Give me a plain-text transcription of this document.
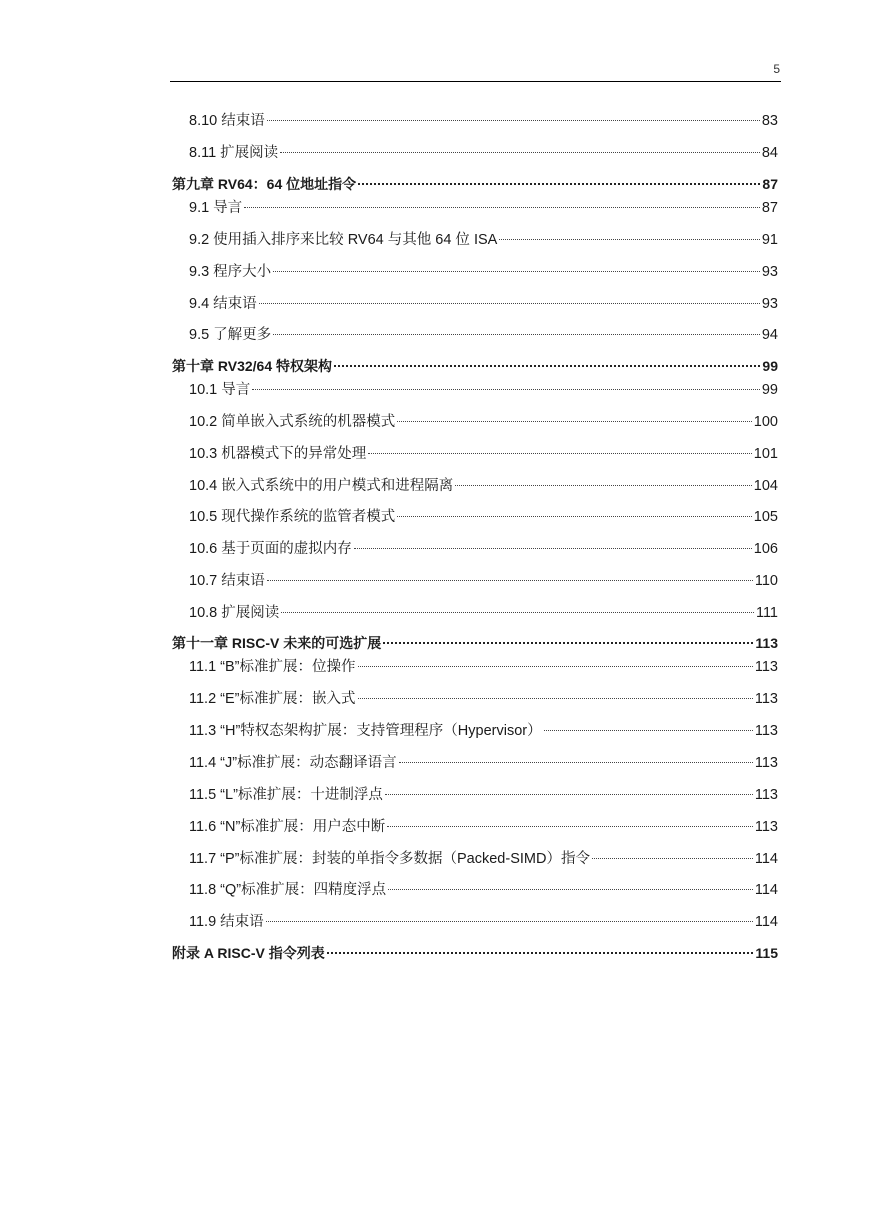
5
8.10 结束语	83
8.11 扩展阅读	84
第九章 RV64：64 位地址指令	87
9.1 导言	87
9.2 使用插入排序来比较 RV64 与其他 64 位 ISA	91
9.3 程序大小	93
9.4 结束语	93
9.5 了解更多	94
第十章 RV32/64 特权架构	99
10.1 导言	99
10.2 简单嵌入式系统的机器模式	100
10.3 机器模式下的异常处理	101
10.4 嵌入式系统中的用户模式和进程隔离	104
10.5 现代操作系统的监管者模式	105
10.6 基于页面的虚拟内存	106
10.7 结束语	110
10.8 扩展阅读	111
第十一章 RISC-V 未来的可选扩展	113
11.1 “B”标准扩展：位操作	113
11.2 “E”标准扩展：嵌入式	113
11.3 “H”特权态架构扩展：支持管理程序（Hypervisor）	113
11.4 “J”标准扩展：动态翻译语言	113
11.5 “L”标准扩展：十进制浮点	113
11.6 “N”标准扩展：用户态中断	113
11.7 “P”标准扩展：封装的单指令多数据（Packed-SIMD）指令	114
11.8 “Q”标准扩展：四精度浮点	114
11.9 结束语	114
附录 A RISC-V 指令列表	115
